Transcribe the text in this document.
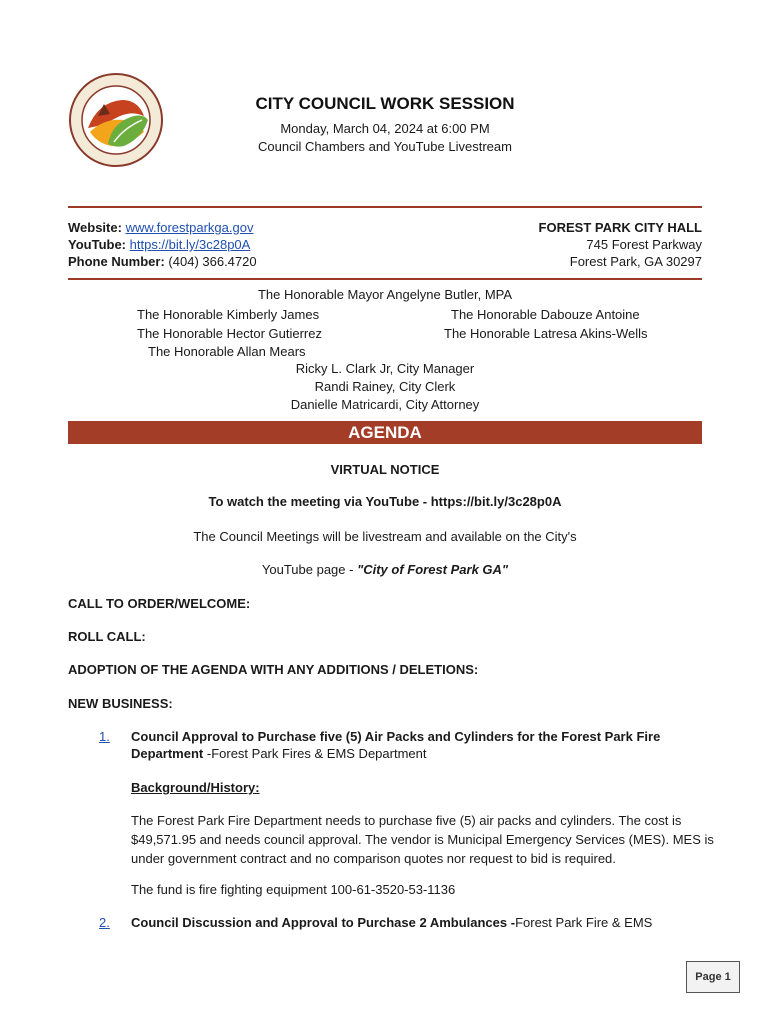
CITY COUNCIL WORK SESSION
Monday, March 04, 2024 at 6:00 PM
Council Chambers and YouTube Livestream
Website: www.forestparkga.gov
YouTube: https://bit.ly/3c28p0A
Phone Number: (404) 366.4720
FOREST PARK CITY HALL
745 Forest Parkway
Forest Park, GA 30297
The Honorable Mayor Angelyne Butler, MPA
The Honorable Kimberly James
The Honorable Hector Gutierrez
The Honorable Allan Mears
The Honorable Dabouze Antoine
The Honorable Latresa Akins-Wells
Ricky L. Clark Jr, City Manager
Randi Rainey, City Clerk
Danielle Matricardi, City Attorney
AGENDA
VIRTUAL NOTICE
To watch the meeting via YouTube - https://bit.ly/3c28p0A
The Council Meetings will be livestream and available on the City's
YouTube page - "City of Forest Park GA"
CALL TO ORDER/WELCOME:
ROLL CALL:
ADOPTION OF THE AGENDA WITH ANY ADDITIONS / DELETIONS:
NEW BUSINESS:
1. Council Approval to Purchase five (5) Air Packs and Cylinders for the Forest Park Fire
Department -Forest Park Fires & EMS Department
Background/History:
The Forest Park Fire Department needs to purchase five (5) air packs and cylinders. The cost is
$49,571.95 and needs council approval. The vendor is Municipal Emergency Services (MES). MES is
under government contract and no comparison quotes nor request to bid is required.
The fund is fire fighting equipment 100-61-3520-53-1136
2. Council Discussion and Approval to Purchase 2 Ambulances -Forest Park Fire & EMS
Page 1
